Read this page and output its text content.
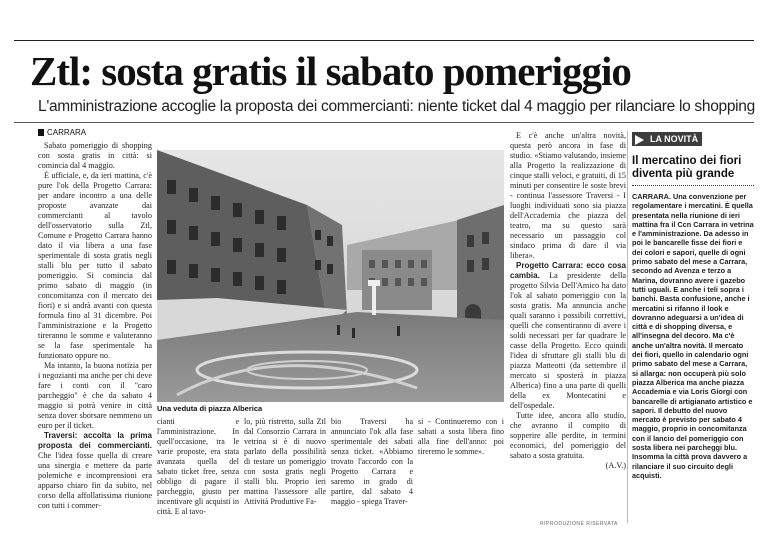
Ztl: sosta gratis il sabato pomeriggio
L'amministrazione accoglie la proposta dei commercianti: niente ticket dal 4 maggio per rilanciare lo shopping
CARRARA

Sabato pomeriggio di shopping con sosta gratis in città: si comincia dal 4 maggio.

È ufficiale, e, da ieri mattina, c'è pure l'ok della Progetto Carrara: per andare incontro a una delle proposte avanzate dai commercianti al tavolo dell'osservatorio sulla Ztl, Comune e Progetto Carrara hanno dato il via libera a una fase sperimentale di sosta gratis negli stalli blu per tutto il sabato pomeriggio. Si comincia dal primo sabato di maggio (in concomitanza con il mercato dei fiori) e si andrà avanti con questa formula fino al 31 dicembre. Poi l'amministrazione e la Progetto tireranno le somme e valuteranno se la fase sperimentale ha funzionato oppure no.

Ma intanto, la buona notizia per i negozianti ma anche per chi deve fare i conti con il "caro parcheggio" è che da sabato 4 maggio si potrà venire in città senza dover sborsare nemmeno un euro per il ticket.

Traversi: accolta la prima proposta dei commercianti. Che l'idea fosse quella di creare una sinergia e mettere da parte polemiche e incomprensioni era apparso chiaro fin da subito, nel corso della affollatissima riunione con tutti i commer-

Una veduta di piazza Alberica
cianti e l'amministrazione. In quell'occasione, tra le varie proposte, era stata avanzata quella del sabato ticket free, senza obbligo di pagare il parcheggio, giusto per incentivare gli acquisti in città. E al tavo-
lo, più ristretto, sulla Ztl dal Consorzio Carrara in vetrina si è di nuovo parlato della possibilità di testare un pomeriggio con sosta gratis negli stalli blu. Proprio ieri mattina l'assessore alle Attività Produttive Fa-
bio Traversi ha annunciato l'ok alla fase sperimentale dei sabati senza ticket. «Abbiamo trovato l'accordo con la Progetto Carrara e saremo in grado di partire, dal sabato 4 maggio - spiega Traver-
si - Continueremo con i sabati a sosta libera fino alla fine dell'anno: poi tireremo le somme».

E c'è anche un'altra novità, questa però ancora in fase di studio. «Stiamo valutando, insieme alla Progetto la realizzazione di cinque stalli veloci, e gratuiti, di 15 minuti per consentire le soste brevi - continua l'assessore Traversi - I luoghi individuati sono sia piazza dell'Accademia che piazza del teatro, ma su questo sarà necessario un passaggio col sindaco prima di dare il via libera».

Progetto Carrara: ecco cosa cambia. La presidente della progetto Silvia Dell'Amico ha dato l'ok al sabato pomeriggio con la sosta gratis. Ma annuncia anche quali saranno i possibili correttivi, quelli che consentiranno di avere i soldi necessari per far quadrare le casse della Progetto. Ecco quindi l'idea di sfruttare gli stalli blu di piazza Matteotti (da settembre il mercato si sposterà in piazza Alberica) fino a una parte di quelli della ex Montecatini e dell'ospedale.

Tutte idee, ancora allo studio, che avranno il compito di sopperire alle perdite, in termini economici, del pomeriggio del sabato a sosta gratuita.

(A.V.)

LA NOVITÀ
Il mercatino dei fiori diventa più grande
CARRARA. Una convenzione per regolamentare i mercatini. È quella presentata nella riunione di ieri mattina fra il Ccn Carrara in vetrina e l'amministrazione. Da adesso in poi le bancarelle fisse dei fiori e dei colori e sapori, quelle di ogni primo sabato del mese a Carrara, secondo ad Avenza e terzo a Marina, dovranno avere i gazebo tutti uguali. E anche i teli sopra i banchi. Basta confusione, anche i mercatini si rifanno il look e dovranno adeguarsi a un'idea di città e di shopping diversa, e all'insegna del decoro. Ma c'è anche un'altra novità. Il mercato dei fiori, quello in calendario ogni primo sabato del mese a Carrara, si allarga: non occuperà più solo piazza Alberica ma anche piazza Accademia e via Loris Giorgi con bancarelle di artigianato artistico e sapori. Il debutto del nuovo mercato è previsto per sabato 4 maggio, proprio in concomitanza con il lancio del pomeriggio con sosta libera nei parcheggi blu. Insomma la città prova davvero a rilanciare il suo circuito degli acquisti.
RIPRODUZIONE RISERVATA
